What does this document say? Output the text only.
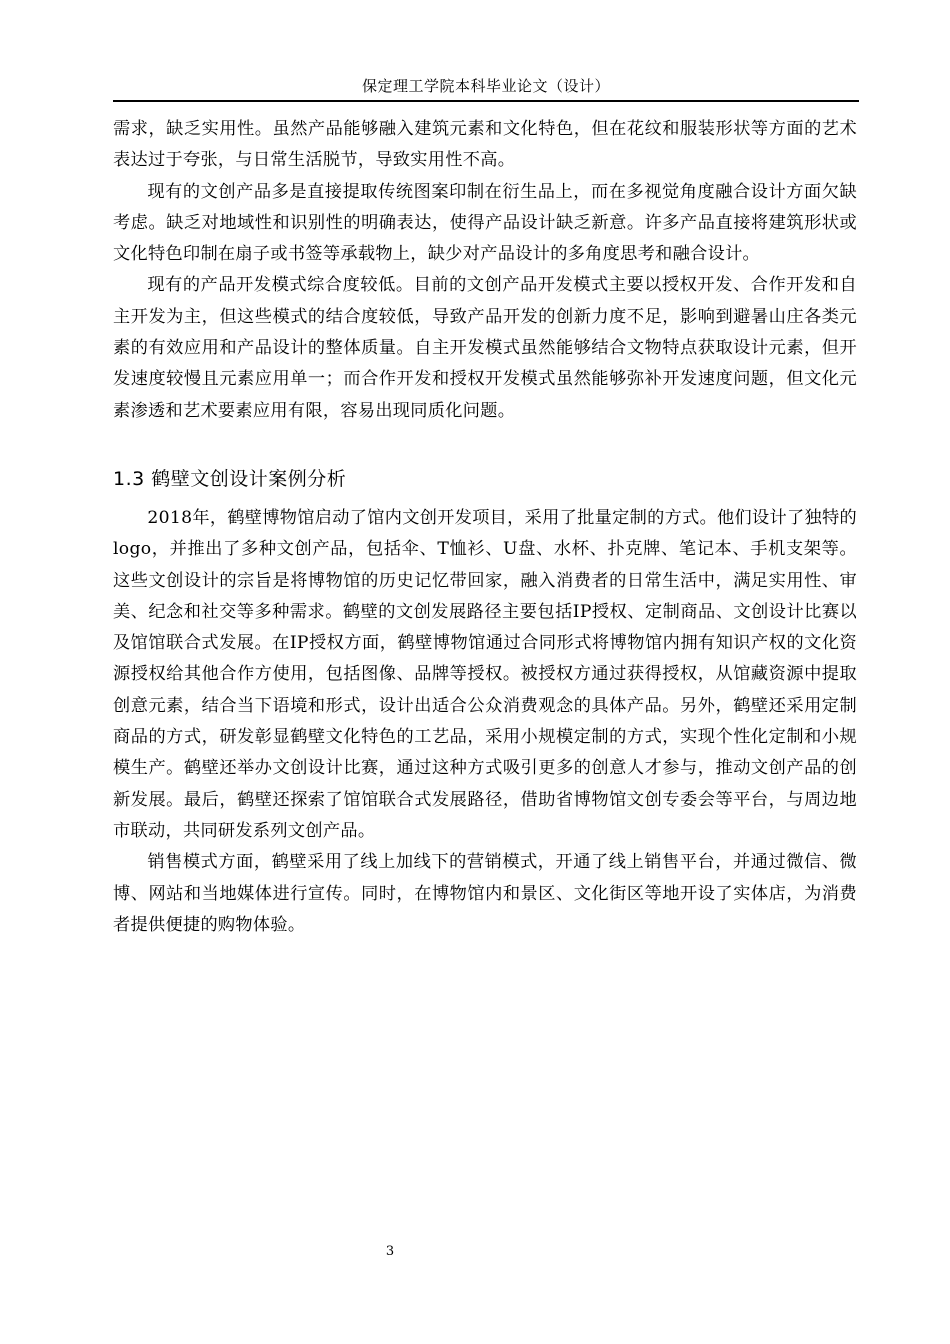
保定理工学院本科毕业论文（设计）

需求，缺乏实用性。虽然产品能够融入建筑元素和文化特色，但在花纹和服装形状等方面的艺术表达过于夸张，与日常生活脱节，导致实用性不高。

现有的文创产品多是直接提取传统图案印制在衍生品上，而在多视觉角度融合设计方面欠缺考虑。缺乏对地域性和识别性的明确表达，使得产品设计缺乏新意。许多产品直接将建筑形状或文化特色印制在扇子或书签等承载物上，缺少对产品设计的多角度思考和融合设计。

现有的产品开发模式综合度较低。目前的文创产品开发模式主要以授权开发、合作开发和自主开发为主，但这些模式的结合度较低，导致产品开发的创新力度不足，影响到避暑山庄各类元素的有效应用和产品设计的整体质量。自主开发模式虽然能够结合文物特点获取设计元素，但开发速度较慢且元素应用单一；而合作开发和授权开发模式虽然能够弥补开发速度问题，但文化元素渗透和艺术要素应用有限，容易出现同质化问题。

1.3 鹤壁文创设计案例分析

2018年，鹤壁博物馆启动了馆内文创开发项目，采用了批量定制的方式。他们设计了独特的logo，并推出了多种文创产品，包括伞、T恤衫、U盘、水杯、扑克牌、笔记本、手机支架等。这些文创设计的宗旨是将博物馆的历史记忆带回家，融入消费者的日常生活中，满足实用性、审美、纪念和社交等多种需求。鹤壁的文创发展路径主要包括IP授权、定制商品、文创设计比赛以及馆馆联合式发展。在IP授权方面，鹤壁博物馆通过合同形式将博物馆内拥有知识产权的文化资源授权给其他合作方使用，包括图像、品牌等授权。被授权方通过获得授权，从馆藏资源中提取创意元素，结合当下语境和形式，设计出适合公众消费观念的具体产品。另外，鹤壁还采用定制商品的方式，研发彰显鹤壁文化特色的工艺品，采用小规模定制的方式，实现个性化定制和小规模生产。鹤壁还举办文创设计比赛，通过这种方式吸引更多的创意人才参与，推动文创产品的创新发展。最后，鹤壁还探索了馆馆联合式发展路径，借助省博物馆文创专委会等平台，与周边地市联动，共同研发系列文创产品。

销售模式方面，鹤壁采用了线上加线下的营销模式，开通了线上销售平台，并通过微信、微博、网站和当地媒体进行宣传。同时，在博物馆内和景区、文化街区等地开设了实体店，为消费者提供便捷的购物体验。

3
